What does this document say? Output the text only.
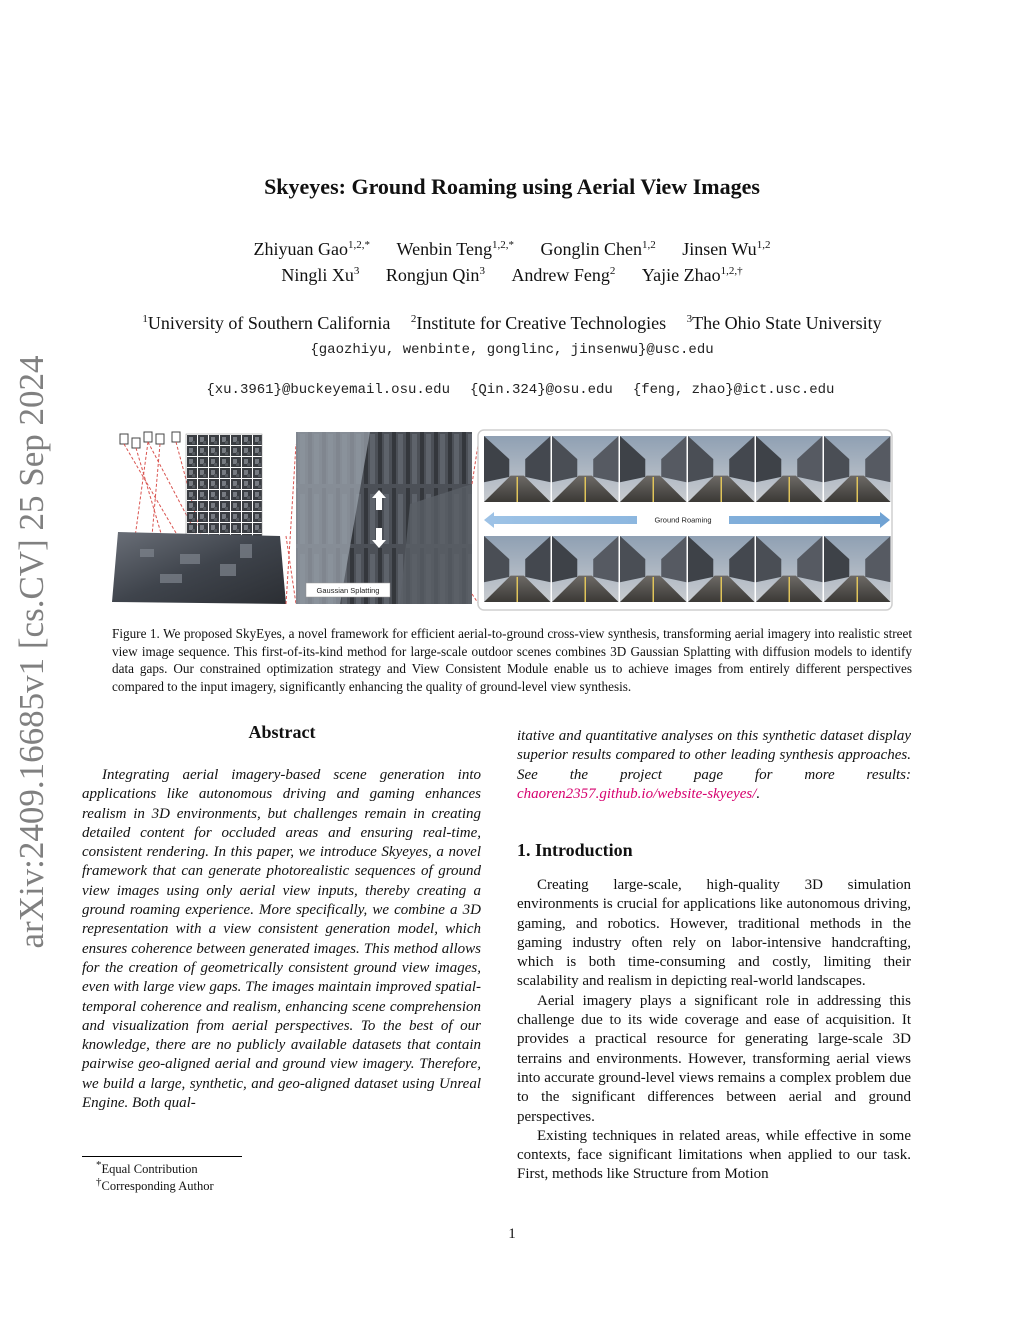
arXiv:2409.16685v1 [cs.CV] 25 Sep 2024
Skyeyes: Ground Roaming using Aerial View Images
Zhiyuan Gao$^{1,2,*}$ Wenbin Teng$^{1,2,*}$ Gonglin Chen$^{1,2}$ Jinsen Wu$^{1,2}$
Ningli Xu$^3$ Rongjun Qin$^3$ Andrew Feng$^2$ Yajie Zhao$^{1,2,\dagger}$
$^1$University of Southern California $^2$Institute for Creative Technologies $^3$The Ohio State University
{gaozhiyu, wenbinte, gonglinc, jinsenwu}@usc.edu

{xu.3961}@buckeyemail.osu.edu {Qin.324}@osu.edu {feng, zhao}@ict.usc.edu

Gaussian Splatting
Ground Roaming
Figure 1. We proposed SkyEyes, a novel framework for efficient aerial-to-ground cross-view synthesis, transforming aerial imagery into realistic street view image sequence. This first-of-its-kind method for large-scale outdoor scenes combines 3D Gaussian Splatting with diffusion models to identify data gaps. Our constrained optimization strategy and View Consistent Module enable us to achieve images from entirely different perspectives compared to the input imagery, significantly enhancing the quality of ground-level view synthesis.
Abstract
Integrating aerial imagery-based scene generation into applications like autonomous driving and gaming enhances realism in 3D environments, but challenges remain in creating detailed content for occluded areas and ensuring real-time, consistent rendering. In this paper, we introduce Skyeyes, a novel framework that can generate photorealistic sequences of ground view images using only aerial view inputs, thereby creating a ground roaming experience. More specifically, we combine a 3D representation with a view consistent generation model, which ensures coherence between generated images. This method allows for the creation of geometrically consistent ground view images, even with large view gaps. The images maintain improved spatial-temporal coherence and realism, enhancing scene comprehension and visualization from aerial perspectives. To the best of our knowledge, there are no publicly available datasets that contain pairwise geo-aligned aerial and ground view imagery. Therefore, we build a large, synthetic, and geo-aligned dataset using Unreal Engine. Both qual-
itative and quantitative analyses on this synthetic dataset display superior results compared to other leading synthesis approaches. See the project page for more results: chaoren2357.github.io/website-skyeyes/.
1. Introduction

Creating large-scale, high-quality 3D simulation environments is crucial for applications like autonomous driving, gaming, and robotics. However, traditional methods in the gaming industry often rely on labor-intensive handcrafting, which is both time-consuming and costly, limiting their scalability and realism in depicting real-world landscapes.

Aerial imagery plays a significant role in addressing this challenge due to its wide coverage and ease of acquisition. It provides a practical resource for generating large-scale 3D terrains and environments. However, transforming aerial views into accurate ground-level views remains a complex problem due to the significant differences between aerial and ground perspectives.

Existing techniques in related areas, while effective in some contexts, face significant limitations when applied to our task. First, methods like Structure from Motion

*Equal Contribution
†Corresponding Author
1
